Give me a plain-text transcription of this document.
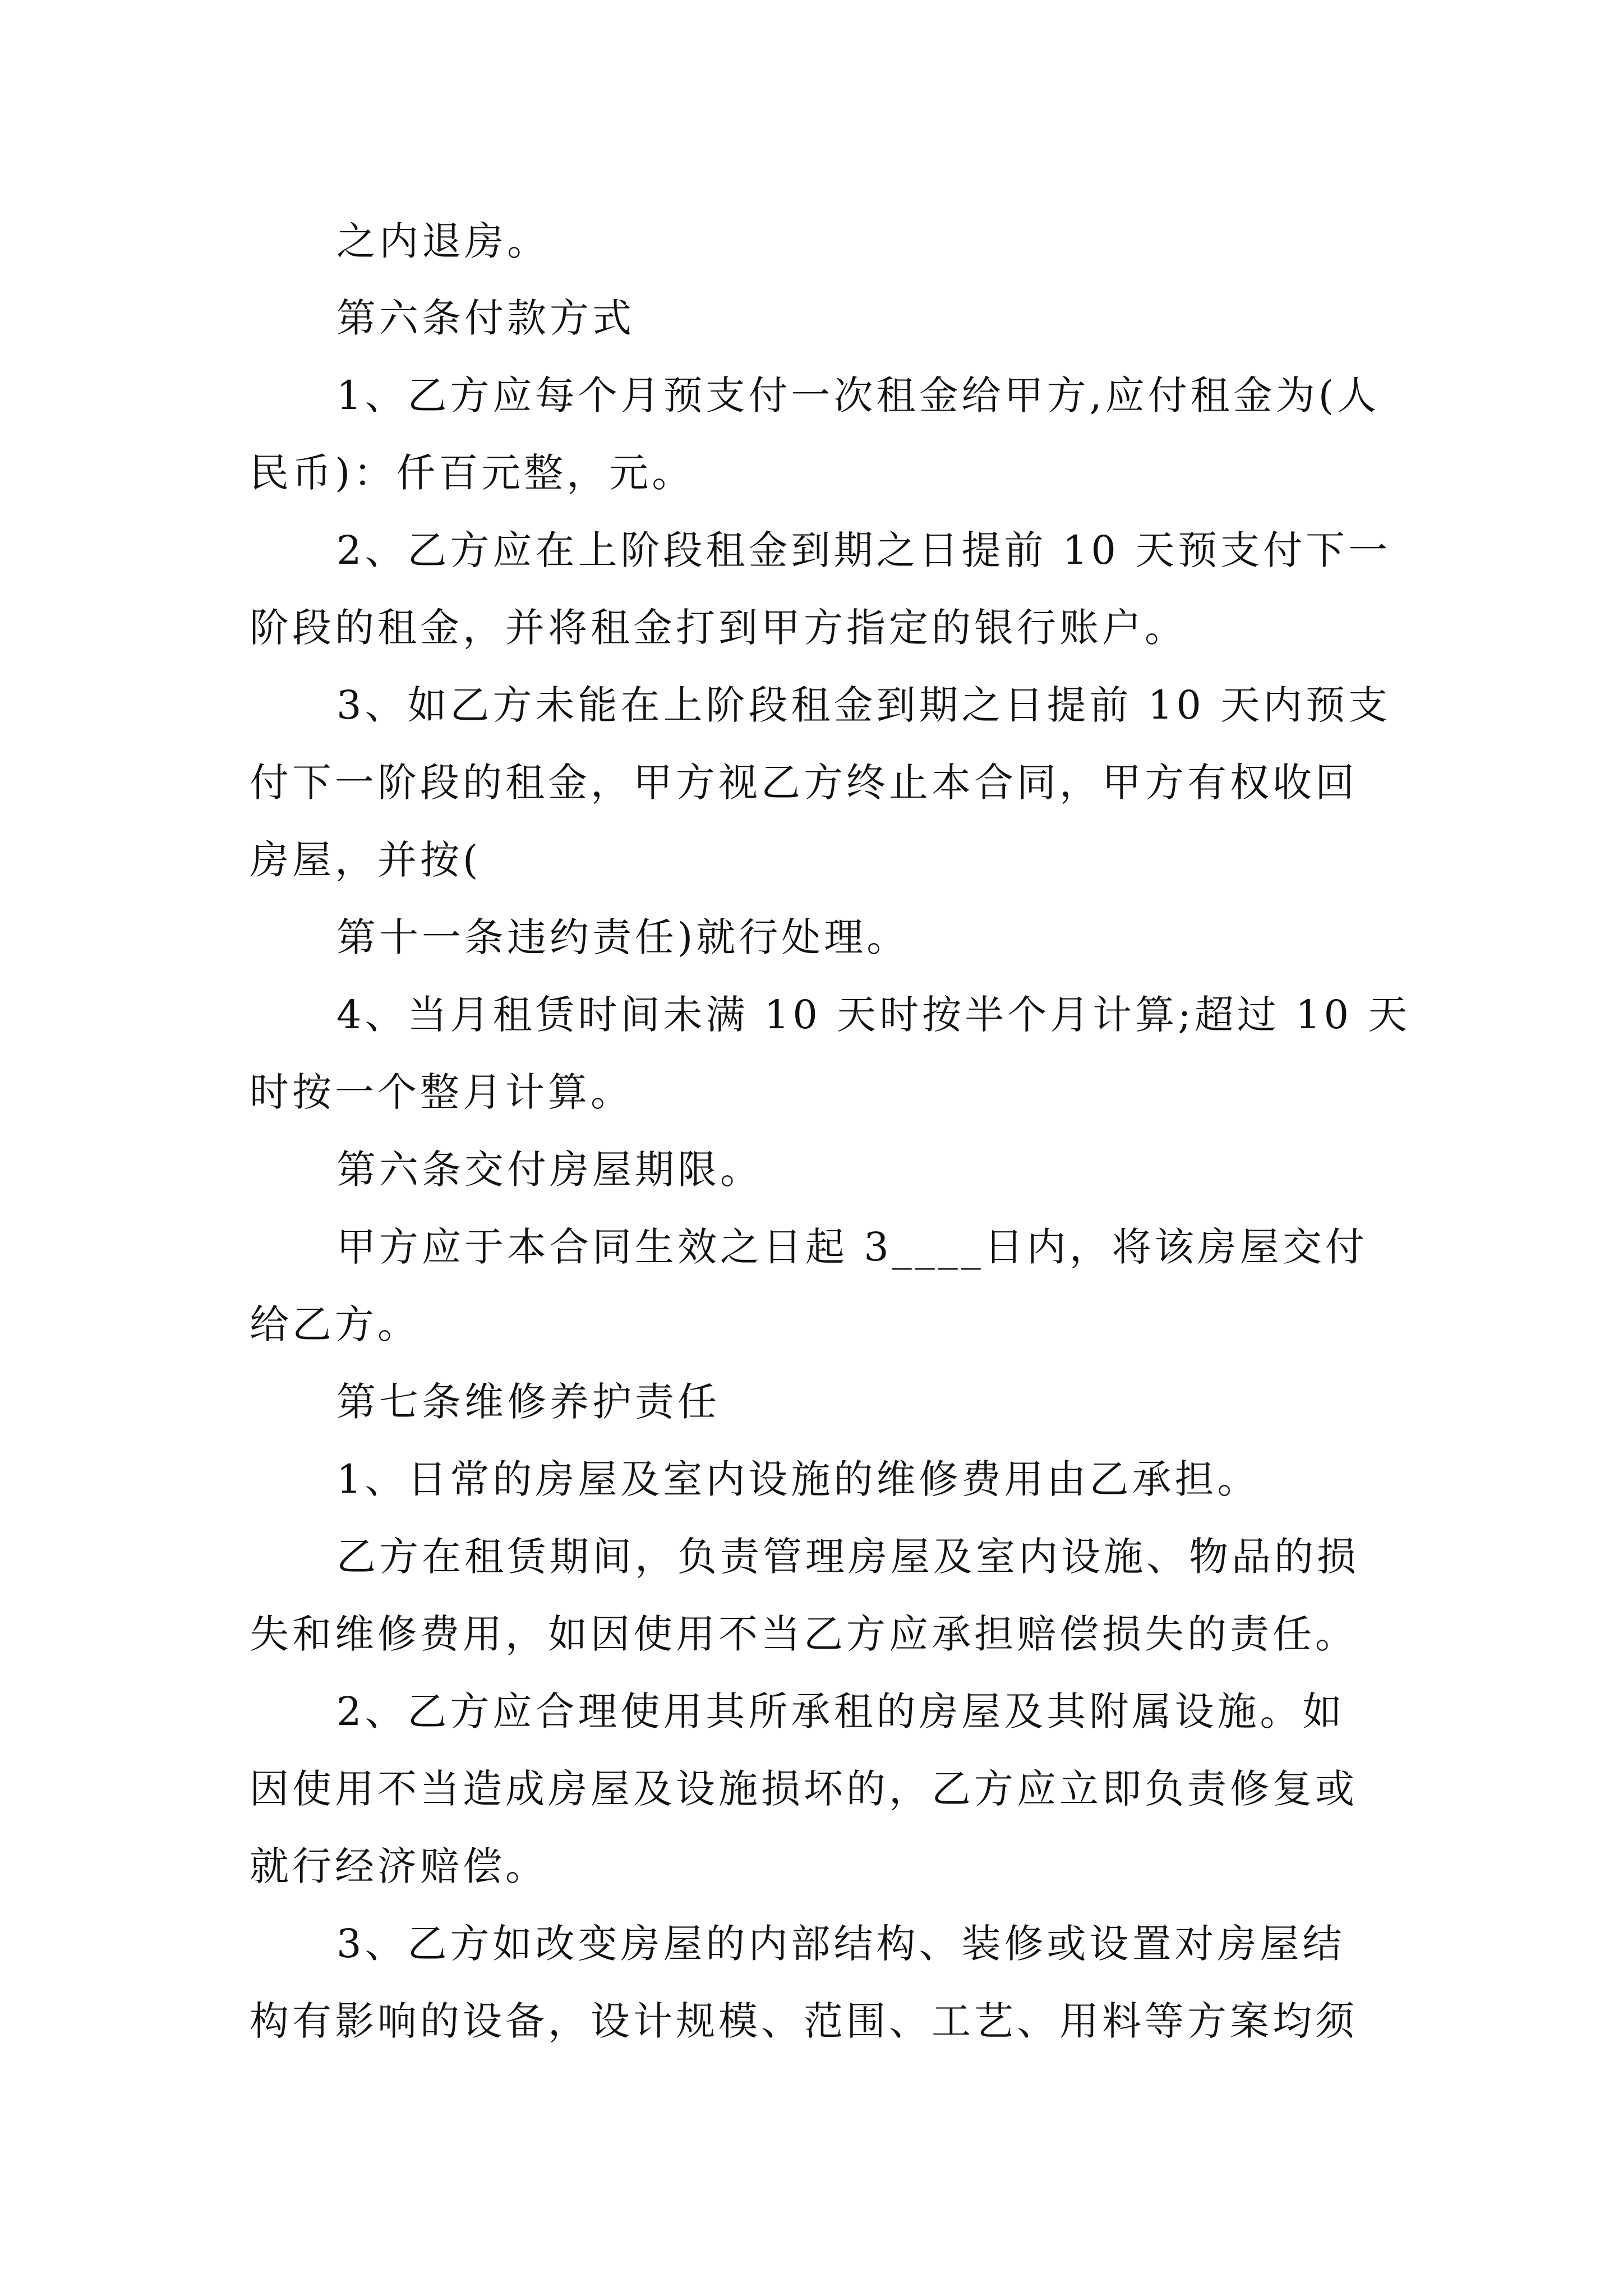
之内退房。
第六条付款方式
1、乙方应每个月预支付一次租金给甲方,应付租金为(人
民币)：仟百元整，元。
2、乙方应在上阶段租金到期之日提前 10 天预支付下一
阶段的租金，并将租金打到甲方指定的银行账户。
3、如乙方未能在上阶段租金到期之日提前 10 天内预支
付下一阶段的租金，甲方视乙方终止本合同，甲方有权收回
房屋，并按(
第十一条违约责任)就行处理。
4、当月租赁时间未满 10 天时按半个月计算;超过 10 天
时按一个整月计算。
第六条交付房屋期限。
甲方应于本合同生效之日起 3____日内，将该房屋交付
给乙方。
第七条维修养护责任
1、日常的房屋及室内设施的维修费用由乙承担。
乙方在租赁期间，负责管理房屋及室内设施、物品的损
失和维修费用，如因使用不当乙方应承担赔偿损失的责任。
2、乙方应合理使用其所承租的房屋及其附属设施。如
因使用不当造成房屋及设施损坏的，乙方应立即负责修复或
就行经济赔偿。
3、乙方如改变房屋的内部结构、装修或设置对房屋结
构有影响的设备，设计规模、范围、工艺、用料等方案均须
